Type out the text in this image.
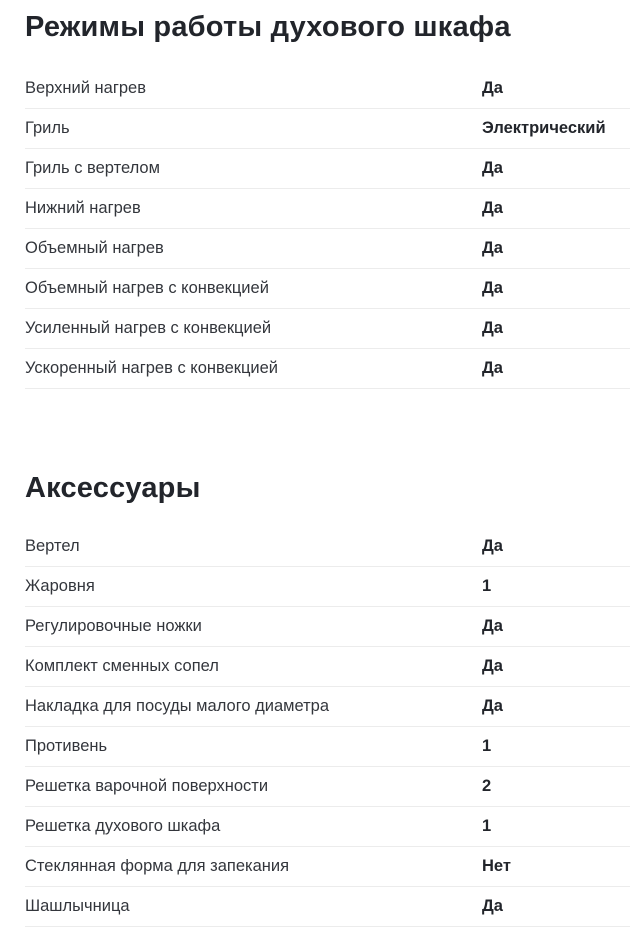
Режимы работы духового шкафа
Верхний нагрев	Да
Гриль	Электрический
Гриль с вертелом	Да
Нижний нагрев	Да
Объемный нагрев	Да
Объемный нагрев с конвекцией	Да
Усиленный нагрев с конвекцией	Да
Ускоренный нагрев с конвекцией	Да
Аксессуары
Вертел	Да
Жаровня	1
Регулировочные ножки	Да
Комплект сменных сопел	Да
Накладка для посуды малого диаметра	Да
Противень	1
Решетка варочной поверхности	2
Решетка духового шкафа	1
Стеклянная форма для запекания	Нет
Шашлычница	Да
